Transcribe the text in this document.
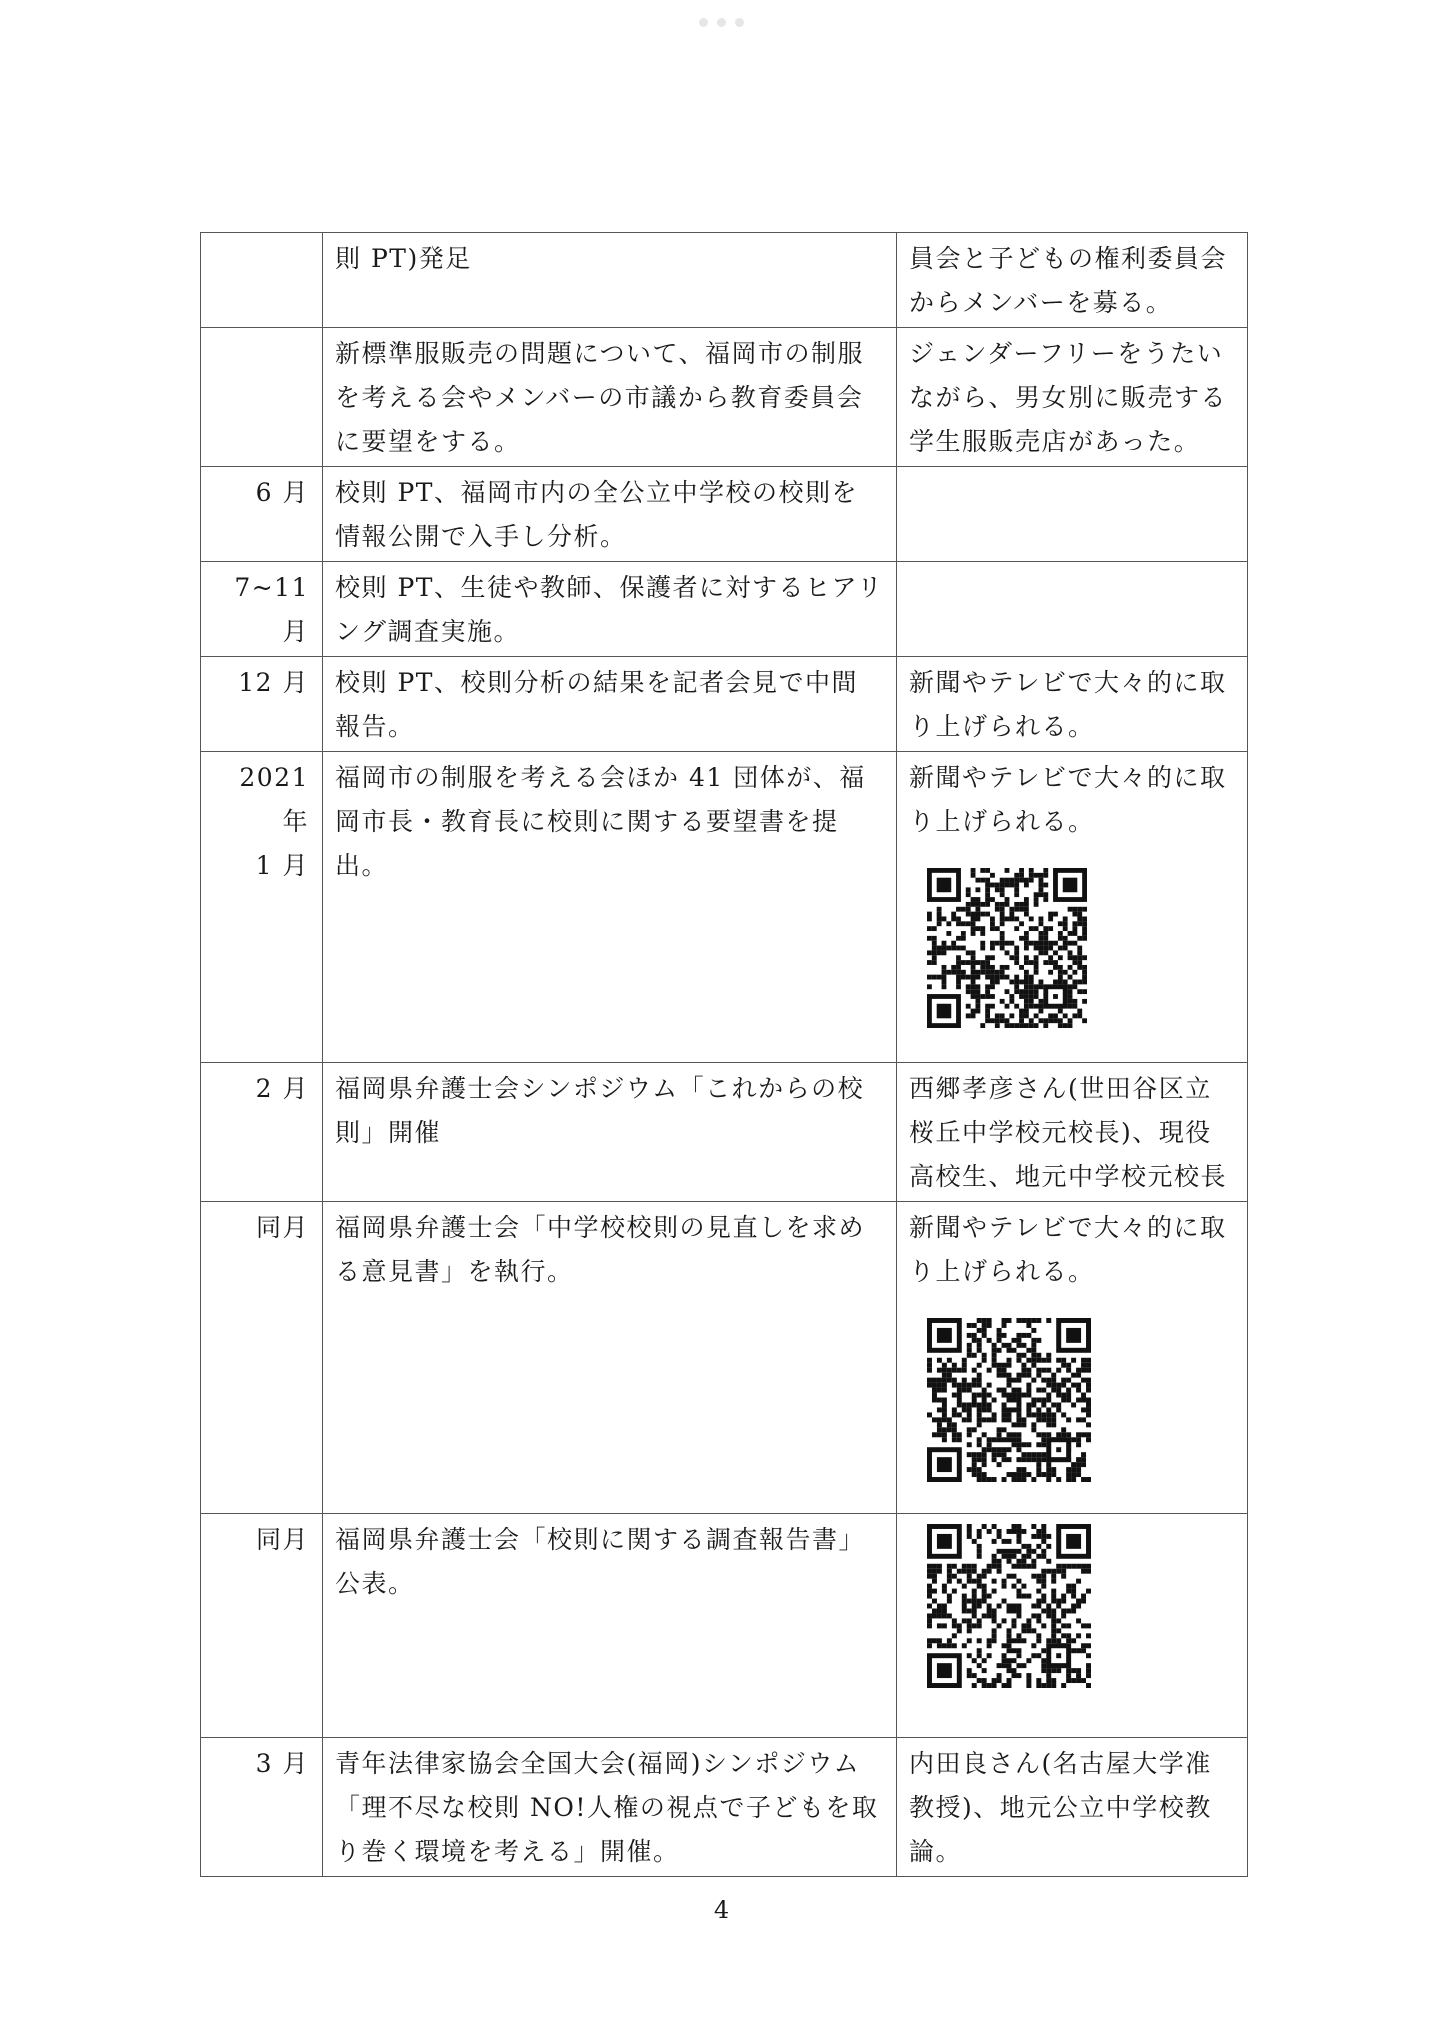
	則 PT)発足	員会と子どもの権利委員会からメンバーを募る。

	新標準服販売の問題について、福岡市の制服を考える会やメンバーの市議から教育委員会に要望をする。	ジェンダーフリーをうたいながら、男女別に販売する学生服販売店があった。

6 月	校則 PT、福岡市内の全公立中学校の校則を情報公開で入手し分析。	

7~11 月	校則 PT、生徒や教師、保護者に対するヒアリング調査実施。	

12 月	校則 PT、校則分析の結果を記者会見で中間報告。	新聞やテレビで大々的に取り上げられる。

2021 年
1 月	福岡市の制服を考える会ほか 41 団体が、福岡市長・教育長に校則に関する要望書を提出。	新聞やテレビで大々的に取り上げられる。

2 月	福岡県弁護士会シンポジウム「これからの校則」開催	西郷孝彦さん(世田谷区立桜丘中学校元校長)、現役高校生、地元中学校元校長

同月	福岡県弁護士会「中学校校則の見直しを求める意見書」を執行。	新聞やテレビで大々的に取り上げられる。

同月	福岡県弁護士会「校則に関する調査報告書」公表。	

3 月	青年法律家協会全国大会(福岡)シンポジウム「理不尽な校則 NO!人権の視点で子どもを取り巻く環境を考える」開催。	内田良さん(名古屋大学准教授)、地元公立中学校教論。
4
